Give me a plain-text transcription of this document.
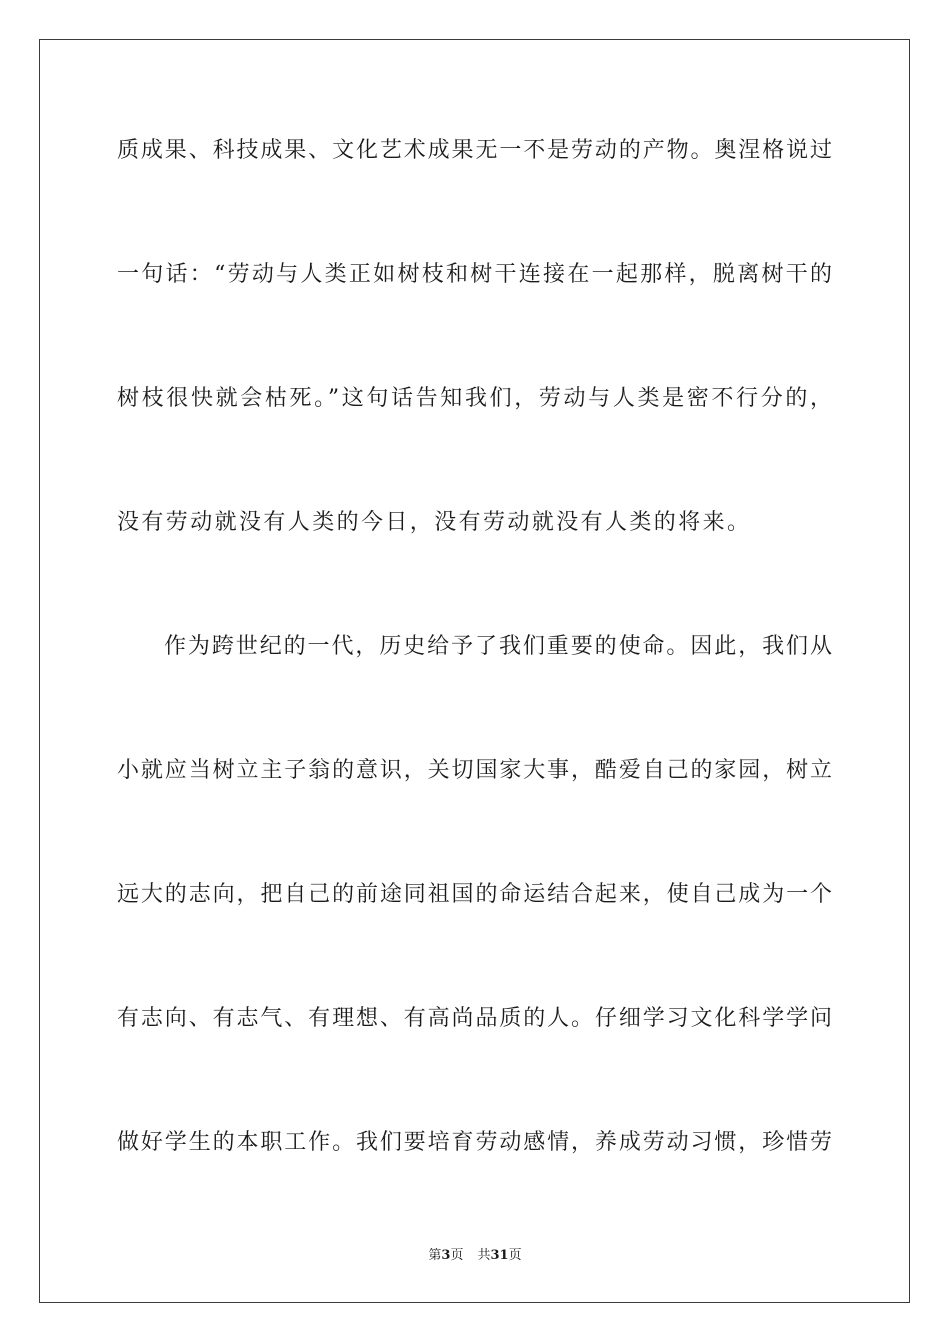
质成果、科技成果、文化艺术成果无一不是劳动的产物。奥涅格说过
一句话：“劳动与人类正如树枝和树干连接在一起那样，脱离树干的
树枝很快就会枯死。”这句话告知我们，劳动与人类是密不行分的，
没有劳动就没有人类的今日，没有劳动就没有人类的将来。
作为跨世纪的一代，历史给予了我们重要的使命。因此，我们从
小就应当树立主子翁的意识，关切国家大事，酷爱自己的家园，树立
远大的志向，把自己的前途同祖国的命运结合起来，使自己成为一个
有志向、有志气、有理想、有高尚品质的人。仔细学习文化科学学问
做好学生的本职工作。我们要培育劳动感情，养成劳动习惯，珍惜劳
第3页 共31页
